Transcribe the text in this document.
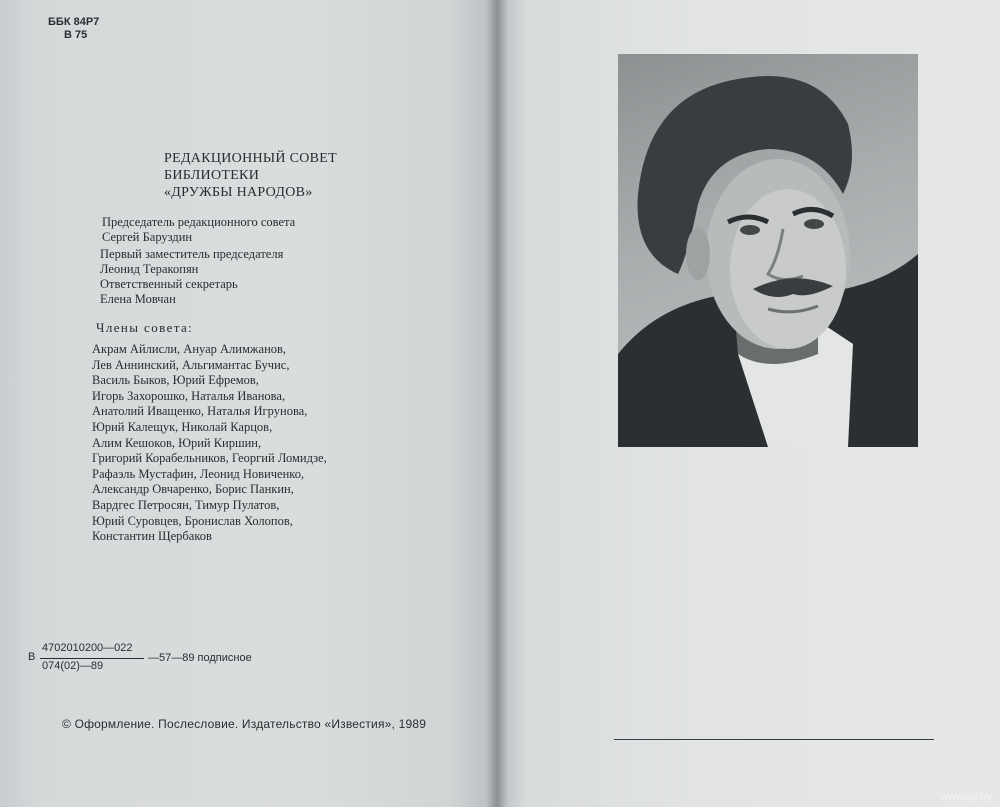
ББК 84Р7
В 75
РЕДАКЦИОННЫЙ СОВЕТ
БИБЛИОТЕКИ
«ДРУЖБЫ НАРОДОВ»
Председатель редакционного совета
Сергей Баруздин
Первый заместитель председателя
Леонид Теракопян
Ответственный секретарь
Елена Мовчан
Члены совета:
Акрам Айлисли, Ануар Алимжанов,
Лев Аннинский, Альгимантас Бучис,
Василь Быков, Юрий Ефремов,
Игорь Захорошко, Наталья Иванова,
Анатолий Иващенко, Наталья Игрунова,
Юрий Калещук, Николай Карцов,
Алим Кешоков, Юрий Киршин,
Григорий Корабельников, Георгий Ломидзе,
Рафаэль Мустафин, Леонид Новиченко,
Александр Овчаренко, Борис Панкин,
Вардгес Петросян, Тимур Пулатов,
Юрий Суровцев, Бронислав Холопов,
Константин Щербаков
В
4702010200—022
074(02)—89
—57—89 подписное
© Оформление. Послесловие. Издательство «Известия», 1989
www.ay.by
